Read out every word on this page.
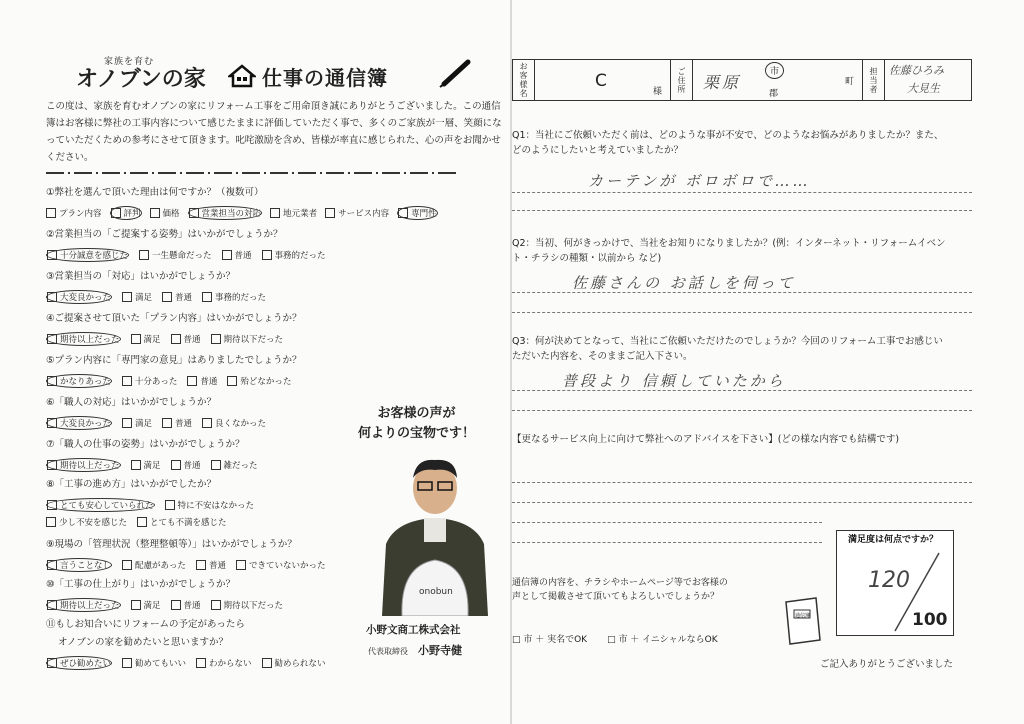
家族を育む
オノブンの家	仕事の通信簿
この度は、家族を育むオノブンの家にリフォーム工事をご用命頂き誠にありがとうございました。この通信簿はお客様に弊社の工事内容について感じたままに評価していただく事で、多くのご家族が一層、笑顔になっていただくための参考にさせて頂きます。叱咤激励を含め、皆様が率直に感じられた、心の声をお聞かせください。
①弊社を選んで頂いた理由は何ですか？（複数可）
プラン内容	評判	価格	営業担当の対応	地元業者 サービス内容	専門性
②営業担当の「ご提案する姿勢」はいかがでしょうか？
十分誠意を感じた	一生懸命だった	普通	事務的だった
③営業担当の「対応」はいかがでしょうか？
大変良かった	満足	普通	事務的だった
④ご提案させて頂いた「プラン内容」はいかがでしょうか？
期待以上だった	満足	普通	期待以下だった
⑤プラン内容に「専門家の意見」はありましたでしょうか？
かなりあった	十分あった	普通	殆どなかった
⑥「職人の対応」はいかがでしょうか？
大変良かった	満足	普通	良くなかった
⑦「職人の仕事の姿勢」はいかがでしょうか？
期待以上だった	満足	普通	雑だった
⑧「工事の進め方」はいかがでしたか？
とても安心していられた	特に不安はなかった
少し不安を感じた	とても不満を感じた
⑨現場の「管理状況（整理整頓等）」はいかがでしょうか？
言うことなし	配慮があった	普通	できていないかった
⑩「工事の仕上がり」はいかがでしょうか？
期待以上だった	満足	普通	期待以下だった
⑪もしお知合いにリフォームの予定があったら
オノブンの家を勧めたいと思いますか？
ぜひ勧めたい	勧めてもいい	わからない	勧められない
お客様の声が
何よりの宝物です！
onobun
小野文商工株式会社
代表取締役 小野寺健
お客様名
C
様
ご住所 栗原
市
郡
町
担当者
佐藤ひろみ
大見生
Q1：当社にご依頼いただく前は、どのような事が不安で、どのようなお悩みがありましたか？また、どのようにしたいと考えていましたか？
カーテンが ボロボロで……
Q2：当初、何がきっかけで、当社をお知りになりましたか？(例：インターネット・リフォームイベント・チラシの種類・以前から など)
佐藤さんの お話しを伺って
Q3：何が決めてとなって、当社にご依頼いただけたのでしょうか？今回のリフォーム工事でお感じいただいた内容を、そのままご記入下さい。
普段より 信頼していたから
【更なるサービス向上に向けて弊社へのアドバイスを下さい】(どの様な内容でも結構です)
満足度は何点ですか？
120
100
通信簿
通信簿の内容を、チラシやホームページ等でお客様の声として掲載させて頂いてもよろしいでしょうか？
□ 市 ＋ 実名でOK □ 市 ＋ イニシャルならOK
ご記入ありがとうございました
